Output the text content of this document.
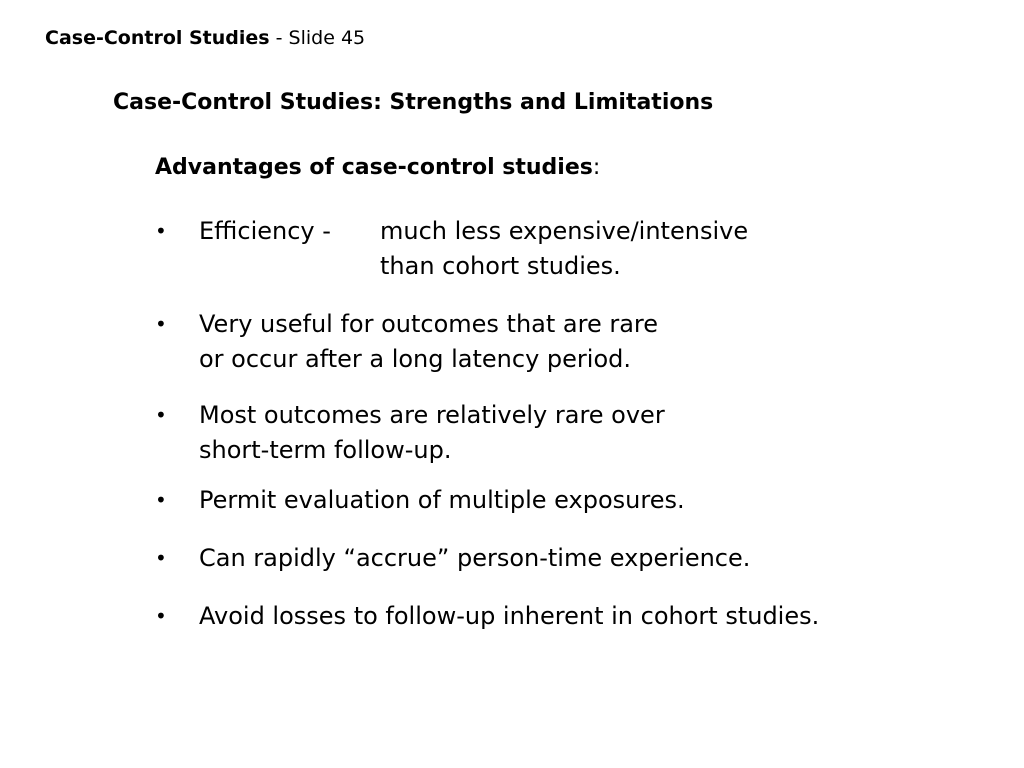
Case-Control Studies - Slide 45
Case-Control Studies: Strengths and Limitations
Advantages of case-control studies:
• Efficiency - much less expensive/intensive
than cohort studies.
• Very useful for outcomes that are rare
or occur after a long latency period.
• Most outcomes are relatively rare over
short-term follow-up.
• Permit evaluation of multiple exposures.
• Can rapidly “accrue” person-time experience.
• Avoid losses to follow-up inherent in cohort studies.
